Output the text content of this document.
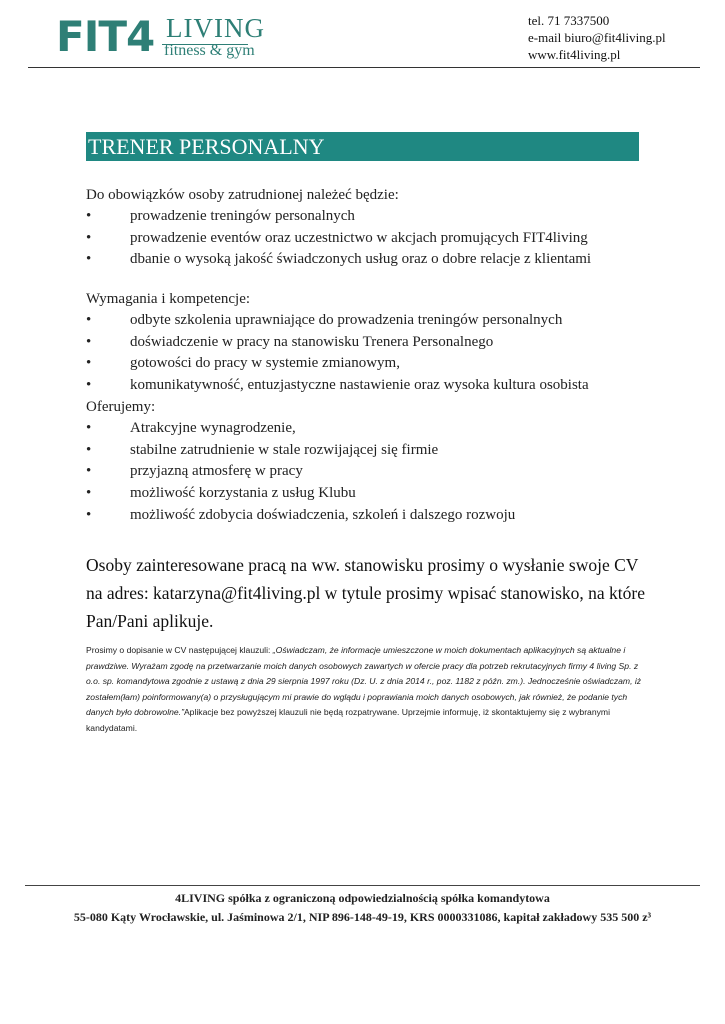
FIT4 LIVING
fitness & gym
tel. 71 7337500
e-mail biuro@fit4living.pl
www.fit4living.pl
TRENER PERSONALNY
Do obowiązków osoby zatrudnionej należeć będzie:
•	prowadzenie treningów personalnych
•	prowadzenie eventów oraz uczestnictwo w akcjach promujących FIT4living
•	dbanie o wysoką jakość świadczonych usług oraz o dobre relacje z klientami
Wymagania i kompetencje:
•	odbyte szkolenia uprawniające do prowadzenia treningów personalnych
•	doświadczenie w pracy na stanowisku Trenera Personalnego
•	gotowości do pracy w systemie zmianowym,
•	komunikatywność, entuzjastyczne nastawienie oraz wysoka kultura osobista
Oferujemy:
•	Atrakcyjne wynagrodzenie,
•	stabilne zatrudnienie w stale rozwijającej się firmie
•	przyjazną atmosferę w pracy
•	możliwość korzystania z usług Klubu
•	możliwość zdobycia doświadczenia, szkoleń i dalszego rozwoju
Osoby zainteresowane pracą na ww. stanowisku prosimy o wysłanie swoje CV na adres: katarzyna@fit4living.pl w tytule prosimy wpisać stanowisko, na które Pan/Pani aplikuje.
Prosimy o dopisanie w CV następującej klauzuli: „Oświadczam, że informacje umieszczone w moich dokumentach aplikacyjnych są aktualne i prawdziwe. Wyrażam zgodę na przetwarzanie moich danych osobowych zawartych w ofercie pracy dla potrzeb rekrutacyjnych firmy 4 living Sp. z o.o. sp. komandytowa zgodnie z ustawą z dnia 29 sierpnia 1997 roku (Dz. U. z dnia 2014 r., poz. 1182 z późn. zm.). Jednocześnie oświadczam, iż zostałem(łam) poinformowany(a) o przysługującym mi prawie do wglądu i poprawiania moich danych osobowych, jak również, że podanie tych danych było dobrowolne.”Aplikacje bez powyższej klauzuli nie będą rozpatrywane. Uprzejmie informuję, iż skontaktujemy się z wybranymi kandydatami.
4LIVING spółka z ograniczoną odpowiedzialnością spółka komandytowa
55-080 Kąty Wrocławskie, ul. Jaśminowa 2/1, NIP 896-148-49-19, KRS 0000331086, kapitał zakładowy 535 500 z³
